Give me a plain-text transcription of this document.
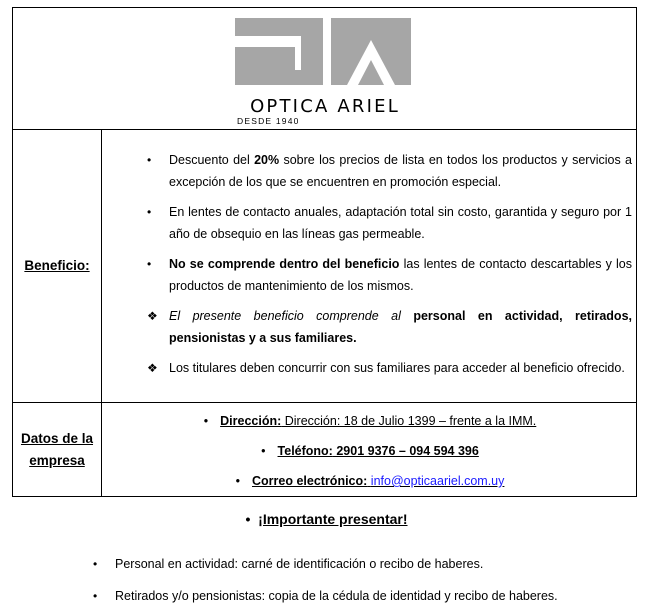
OPTICA ARIEL
DESDE 1940
Beneficio:
• Descuento del 20% sobre los precios de lista en todos los productos y servicios a excepción de los que se encuentren en promoción especial.
• En lentes de contacto anuales, adaptación total sin costo, garantida y seguro por 1 año de obsequio en las líneas gas permeable.
• No se comprende dentro del beneficio las lentes de contacto descartables y los productos de mantenimiento de los mismos.
❖ El presente beneficio comprende al personal en actividad, retirados, pensionistas y a sus familiares.
❖ Los titulares deben concurrir con sus familiares para acceder al beneficio ofrecido.
Datos de la empresa
• Dirección: Dirección: 18 de Julio 1399 – frente a la IMM.
• Teléfono: 2901 9376 – 094 594 396
• Correo electrónico: info@opticaariel.com.uy
•  ¡Importante presentar!
• Personal en actividad: carné de identificación o recibo de haberes.
• Retirados y/o pensionistas: copia de la cédula de identidad y recibo de haberes.
